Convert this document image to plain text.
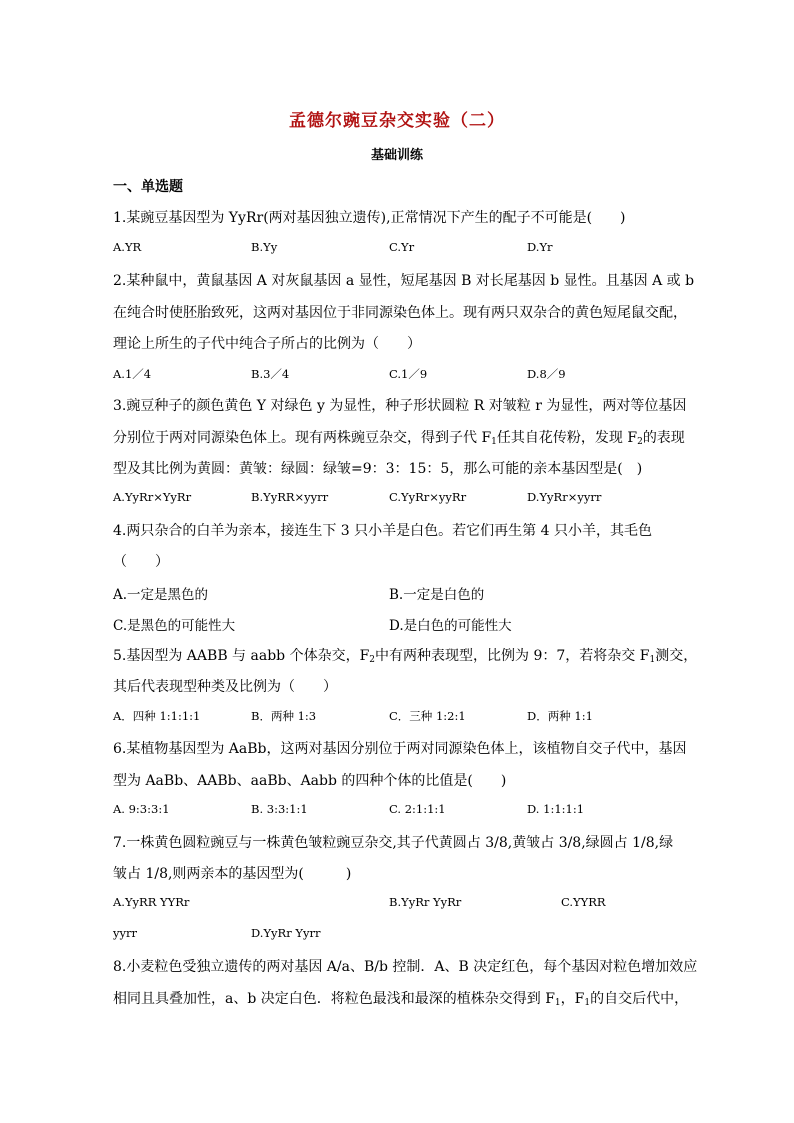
孟德尔豌豆杂交实验（二）
基础训练
一、单选题
1.某豌豆基因型为 YyRr(两对基因独立遗传),正常情况下产生的配子不可能是(　　)
A.YR	B.Yy	C.Yr	D.Yr
2.某种鼠中，黄鼠基因 A 对灰鼠基因 a 显性，短尾基因 B 对长尾基因 b 显性。且基因 A 或 b
在纯合时使胚胎致死，这两对基因位于非同源染色体上。现有两只双杂合的黄色短尾鼠交配，
理论上所生的子代中纯合子所占的比例为（　　）
A.1／4	B.3／4	C.1／9	D.8／9
3.豌豆种子的颜色黄色 Y 对绿色 y 为显性，种子形状圆粒 R 对皱粒 r 为显性，两对等位基因
分别位于两对同源染色体上。现有两株豌豆杂交，得到子代 $F_1$任其自花传粉，发现 $F_2$的表现
型及其比例为黄圆：黄皱：绿圆：绿皱=9：3：15：5，那么可能的亲本基因型是(　)
A.YyRr×YyRr	B.YyRR×yyrr	C.YyRr×yyRr	D.YyRr×yyrr
4.两只杂合的白羊为亲本，接连生下 3 只小羊是白色。若它们再生第 4 只小羊，其毛色
（　　）
A.一定是黑色的	B.一定是白色的
C.是黑色的可能性大	D.是白色的可能性大
5.基因型为 AABB 与 aabb 个体杂交，$F_2$中有两种表现型，比例为 9：7，若将杂交 $F_1$测交，
其后代表现型种类及比例为（　　）
A．四种 1:1:1:1	B．两种 1:3	C．三种 1:2:1	D．两种 1:1
6.某植物基因型为 AaBb，这两对基因分别位于两对同源染色体上，该植物自交子代中，基因
型为 AaBb、AABb、aaBb、Aabb 的四种个体的比值是(　　)
A. 9:3:3:1	B. 3:3:1:1	C. 2:1:1:1	D. 1:1:1:1
7.一株黄色圆粒豌豆与一株黄色皱粒豌豆杂交,其子代黄圆占 3/8,黄皱占 3/8,绿圆占 1/8,绿
皱占 1/8,则两亲本的基因型为(　　　)
A.YyRR YYRr	B.YyRr YyRr	C.YYRR
yyrr	D.YyRr Yyrr
8.小麦粒色受独立遗传的两对基因 A/a、B/b 控制．A、B 决定红色，每个基因对粒色增加效应
相同且具叠加性，a、b 决定白色．将粒色最浅和最深的植株杂交得到 $F_1$，$F_1$的自交后代中，
